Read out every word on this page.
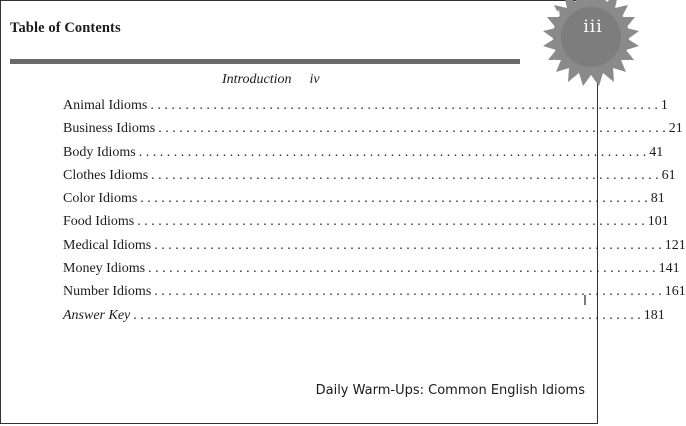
Table of Contents	iii
Introduction iv
Animal Idioms . . .	1
Business Idioms . . .	21
Body Idioms . . .	41
Clothes Idioms . . .	61
Color Idioms . . .	81
Food Idioms . . .	101
Medical Idioms . . .	121
Money Idioms . . .	141
Number Idioms . . .	161
Answer Key . . .	181
Daily Warm-Ups: Common English Idioms
